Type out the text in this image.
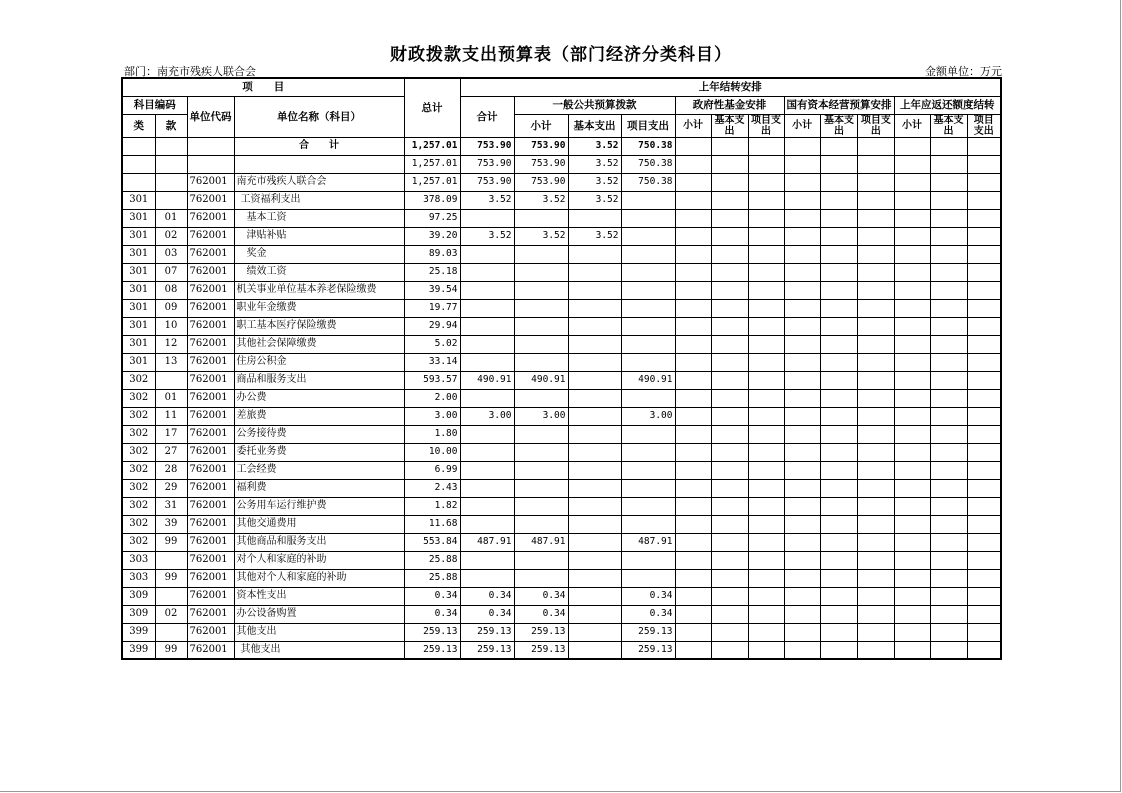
财政拨款支出预算表（部门经济分类科目）
部门：南充市残疾人联合会	金额单位：万元
项　　目				总计	上年结转安排												
科目编码		单位代码	单位名称（科目）		合计	一般公共预算拨款			政府性基金安排			国有资本经营预算安排			上年应返还额度结转		
类	款					小计	基本支出	项目支出	小计	基本支出	项目支出	小计	基本支出	项目支出	小计	基本支出	项目支出

			合　　计	1,257.01	753.90	753.90	3.52	750.38									
				1,257.01	753.90	753.90	3.52	750.38									
		762001	南充市残疾人联合会	1,257.01	753.90	753.90	3.52	750.38									
301		762001	工资福利支出	378.09	3.52	3.52	3.52										
301	01	762001	基本工资	97.25													
301	02	762001	津贴补贴	39.20	3.52	3.52	3.52										
301	03	762001	奖金	89.03													
301	07	762001	绩效工资	25.18													
301	08	762001	机关事业单位基本养老保险缴费	39.54													
301	09	762001	职业年金缴费	19.77													
301	10	762001	职工基本医疗保险缴费	29.94													
301	12	762001	其他社会保障缴费	5.02													
301	13	762001	住房公积金	33.14													
302		762001	商品和服务支出	593.57	490.91	490.91		490.91									
302	01	762001	办公费	2.00													
302	11	762001	差旅费	3.00	3.00	3.00		3.00									
302	17	762001	公务接待费	1.80													
302	27	762001	委托业务费	10.00													
302	28	762001	工会经费	6.99													
302	29	762001	福利费	2.43													
302	31	762001	公务用车运行维护费	1.82													
302	39	762001	其他交通费用	11.68													
302	99	762001	其他商品和服务支出	553.84	487.91	487.91		487.91									
303		762001	对个人和家庭的补助	25.88													
303	99	762001	其他对个人和家庭的补助	25.88													
309		762001	资本性支出	0.34	0.34	0.34		0.34									
309	02	762001	办公设备购置	0.34	0.34	0.34		0.34									
399		762001	其他支出	259.13	259.13	259.13		259.13									
399	99	762001	其他支出	259.13	259.13	259.13		259.13									
